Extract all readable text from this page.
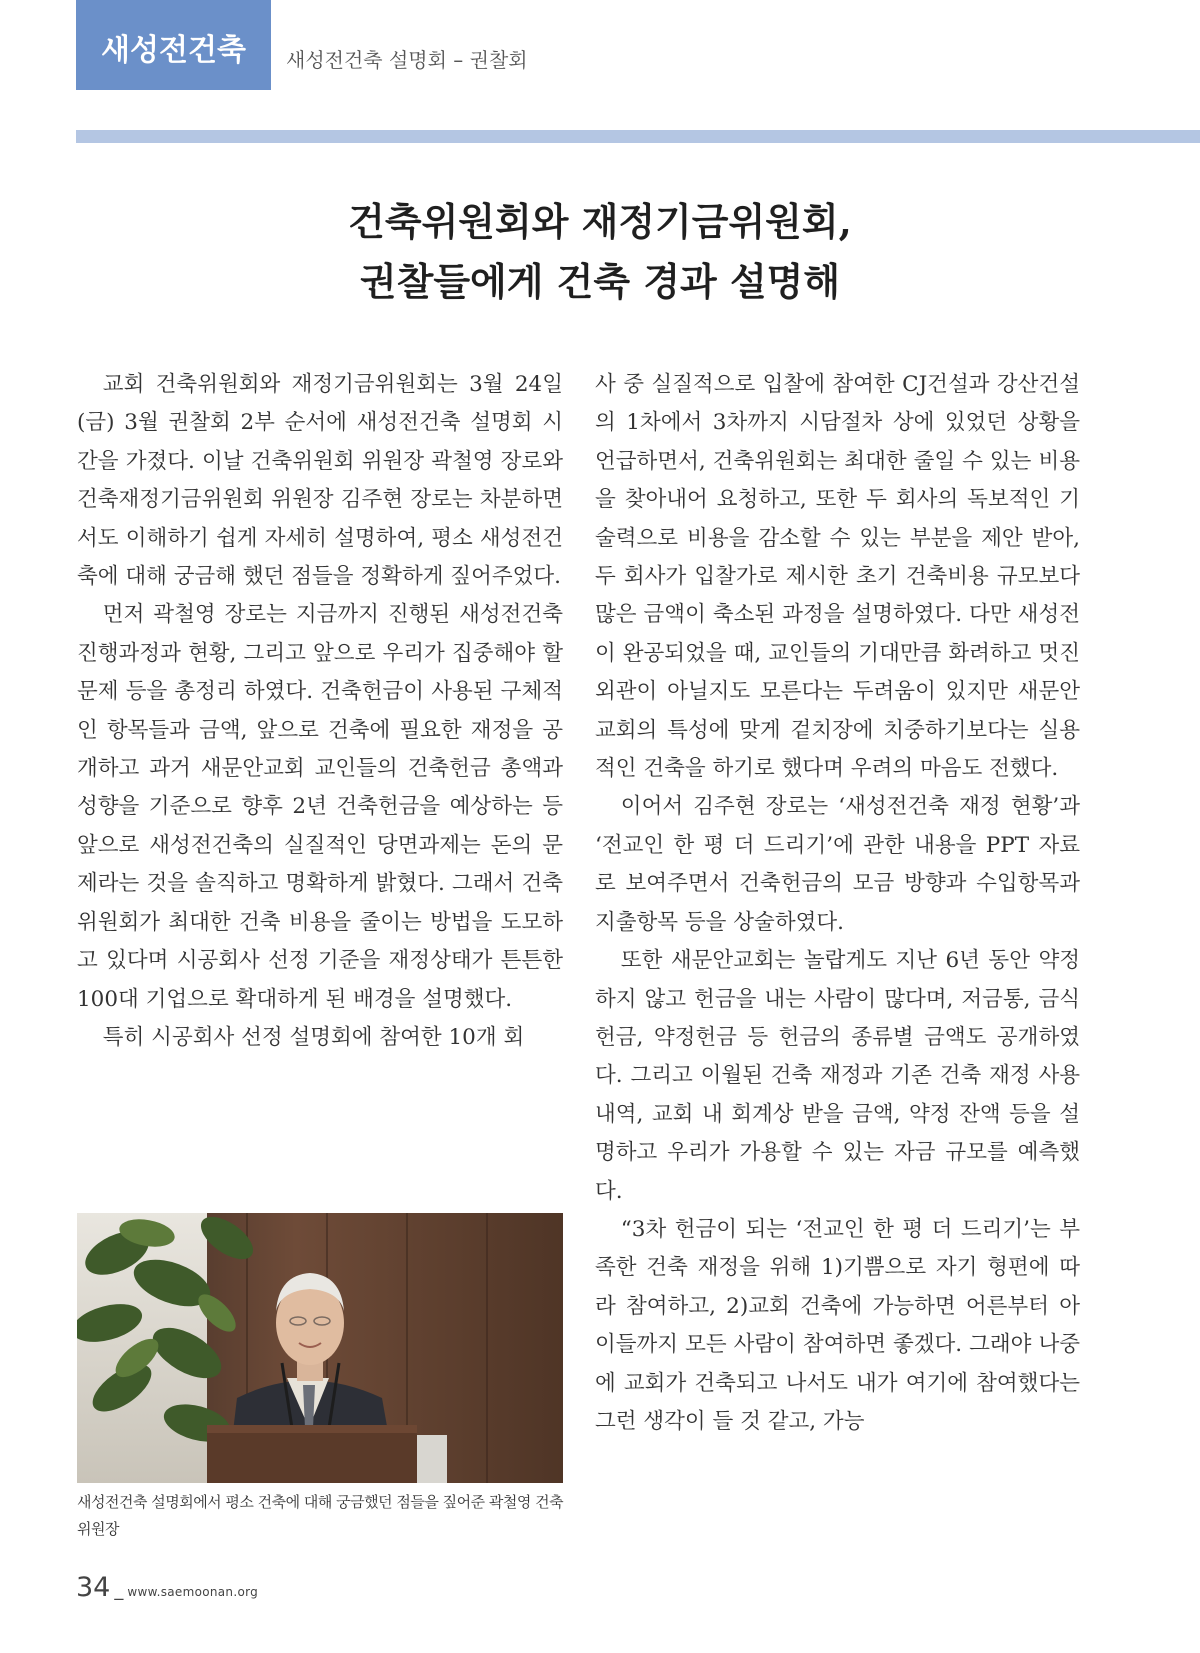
새성전건축 새성전건축 설명회 – 권찰회
건축위원회와 재정기금위원회,
권찰들에게 건축 경과 설명해

교회 건축위원회와 재정기금위원회는 3월 24일(금) 3월 권찰회 2부 순서에 새성전건축 설명회 시간을 가졌다. 이날 건축위원회 위원장 곽철영 장로와 건축재정기금위원회 위원장 김주현 장로는 차분하면서도 이해하기 쉽게 자세히 설명하여, 평소 새성전건축에 대해 궁금해 했던 점들을 정확하게 짚어주었다.

먼저 곽철영 장로는 지금까지 진행된 새성전건축 진행과정과 현황, 그리고 앞으로 우리가 집중해야 할 문제 등을 총정리 하였다. 건축헌금이 사용된 구체적인 항목들과 금액, 앞으로 건축에 필요한 재정을 공개하고 과거 새문안교회 교인들의 건축헌금 총액과 성향을 기준으로 향후 2년 건축헌금을 예상하는 등 앞으로 새성전건축의 실질적인 당면과제는 돈의 문제라는 것을 솔직하고 명확하게 밝혔다. 그래서 건축위원회가 최대한 건축 비용을 줄이는 방법을 도모하고 있다며 시공회사 선정 기준을 재정상태가 튼튼한 100대 기업으로 확대하게 된 배경을 설명했다.

특히 시공회사 선정 설명회에 참여한 10개 회

새성전건축 설명회에서 평소 건축에 대해 궁금했던 점들을 짚어준 곽철영 건축위원장

사 중 실질적으로 입찰에 참여한 CJ건설과 강산건설의 1차에서 3차까지 시담절차 상에 있었던 상황을 언급하면서, 건축위원회는 최대한 줄일 수 있는 비용을 찾아내어 요청하고, 또한 두 회사의 독보적인 기술력으로 비용을 감소할 수 있는 부분을 제안 받아, 두 회사가 입찰가로 제시한 초기 건축비용 규모보다 많은 금액이 축소된 과정을 설명하였다. 다만 새성전이 완공되었을 때, 교인들의 기대만큼 화려하고 멋진 외관이 아닐지도 모른다는 두려움이 있지만 새문안교회의 특성에 맞게 겉치장에 치중하기보다는 실용적인 건축을 하기로 했다며 우려의 마음도 전했다.

이어서 김주현 장로는 ‘새성전건축 재정 현황’과 ‘전교인 한 평 더 드리기’에 관한 내용을 PPT 자료로 보여주면서 건축헌금의 모금 방향과 수입항목과 지출항목 등을 상술하였다.

또한 새문안교회는 놀랍게도 지난 6년 동안 약정하지 않고 헌금을 내는 사람이 많다며, 저금통, 금식헌금, 약정헌금 등 헌금의 종류별 금액도 공개하였다. 그리고 이월된 건축 재정과 기존 건축 재정 사용 내역, 교회 내 회계상 받을 금액, 약정 잔액 등을 설명하고 우리가 가용할 수 있는 자금 규모를 예측했다.

“3차 헌금이 되는 ‘전교인 한 평 더 드리기’는 부족한 건축 재정을 위해 1)기쁨으로 자기 형편에 따라 참여하고, 2)교회 건축에 가능하면 어른부터 아이들까지 모든 사람이 참여하면 좋겠다. 그래야 나중에 교회가 건축되고 나서도 내가 여기에 참여했다는 그런 생각이 들 것 같고, 가능

34 _ www.saemoonan.org
